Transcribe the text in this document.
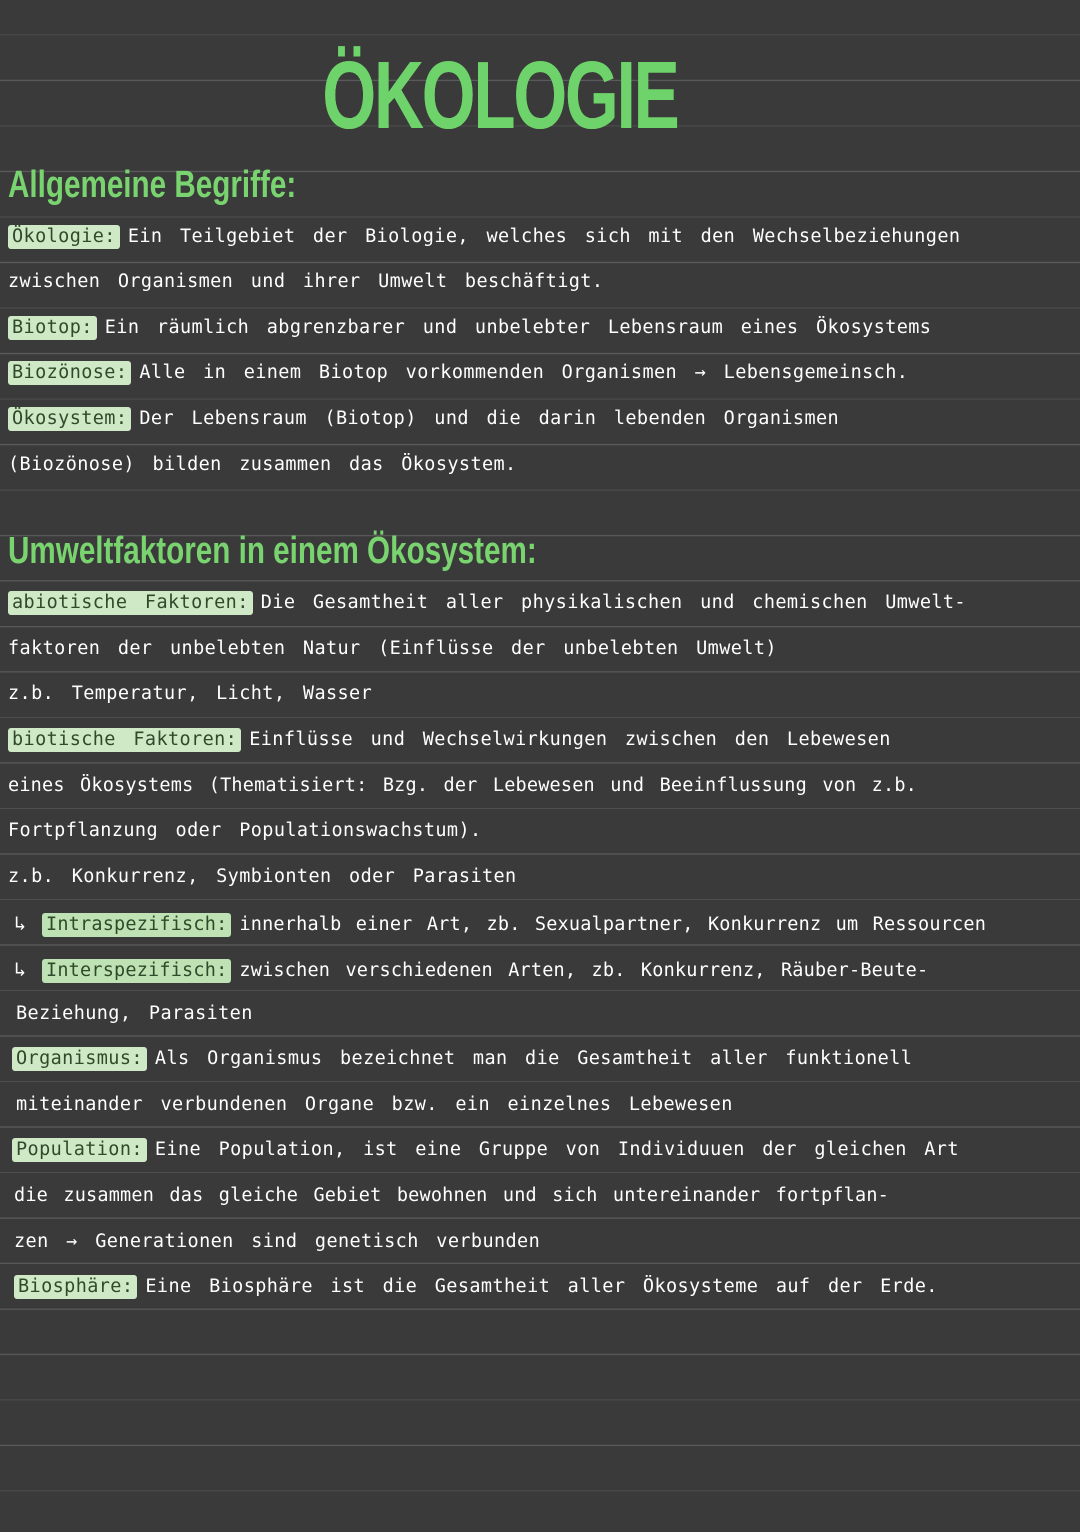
ÖKOLOGIE
Allgemeine Begriffe:
Ökologie: Ein Teilgebiet der Biologie, welches sich mit den Wechselbeziehungen
zwischen Organismen und ihrer Umwelt beschäftigt.
Biotop: Ein räumlich abgrenzbarer und unbelebter Lebensraum eines Ökosystems
Biozönose: Alle in einem Biotop vorkommenden Organismen → Lebensgemeinsch.
Ökosystem: Der Lebensraum (Biotop) und die darin lebenden Organismen
(Biozönose) bilden zusammen das Ökosystem.
Umweltfaktoren in einem Ökosystem:
abiotische Faktoren: Die Gesamtheit aller physikalischen und chemischen Umwelt-
faktoren der unbelebten Natur (Einflüsse der unbelebten Umwelt)
z.b. Temperatur, Licht, Wasser
biotische Faktoren: Einflüsse und Wechselwirkungen zwischen den Lebewesen
eines Ökosystems (Thematisiert: Bzg. der Lebewesen und Beeinflussung von z.b.
Fortpflanzung oder Populationswachstum).
z.b. Konkurrenz, Symbionten oder Parasiten
↳ Intraspezifisch: innerhalb einer Art, zb. Sexualpartner, Konkurrenz um Ressourcen
↳ Interspezifisch: zwischen verschiedenen Arten, zb. Konkurrenz, Räuber-Beute-
Beziehung, Parasiten
Organismus: Als Organismus bezeichnet man die Gesamtheit aller funktionell
miteinander verbundenen Organe bzw. ein einzelnes Lebewesen
Population: Eine Population, ist eine Gruppe von Individuuen der gleichen Art
die zusammen das gleiche Gebiet bewohnen und sich untereinander fortpflan-
zen → Generationen sind genetisch verbunden
Biosphäre: Eine Biosphäre ist die Gesamtheit aller Ökosysteme auf der Erde.
